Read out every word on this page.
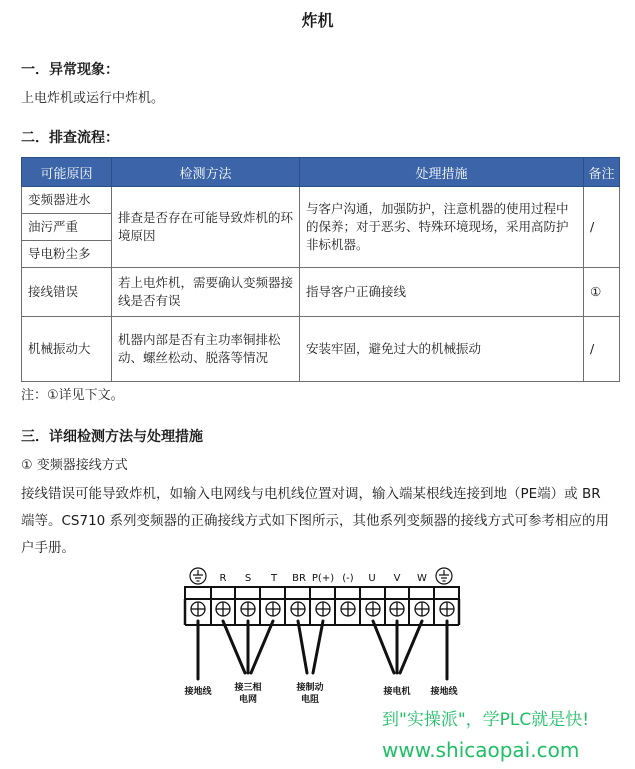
炸机
一．异常现象：
上电炸机或运行中炸机。
二．排查流程：
可能原因	检测方法	处理措施	备注
变频器进水	排查是否存在可能导致炸机的环境原因	与客户沟通，加强防护，注意机器的使用过程中的保养；对于恶劣、特殊环境现场，采用高防护非标机器。	/
油污严重			
导电粉尘多			
接线错误	若上电炸机，需要确认变频器接线是否有误	指导客户正确接线	①
机械振动大	机器内部是否有主功率铜排松动、螺丝松动、脱落等情况	安装牢固，避免过大的机械振动	/
注：①详见下文。
三．详细检测方法与处理措施
① 变频器接线方式
接线错误可能导致炸机，如输入电网线与电机线位置对调，输入端某根线连接到地（PE端）或 BR 端等。CS710 系列变频器的正确接线方式如下图所示，其他系列变频器的接线方式可参考相应的用户手册。
R S T BR P(+) (-) U V W
接地线	接三相
电网
接制动
电阻
接电机 接地线
到"实操派"，学PLC就是快!
www.shicaopai.com
